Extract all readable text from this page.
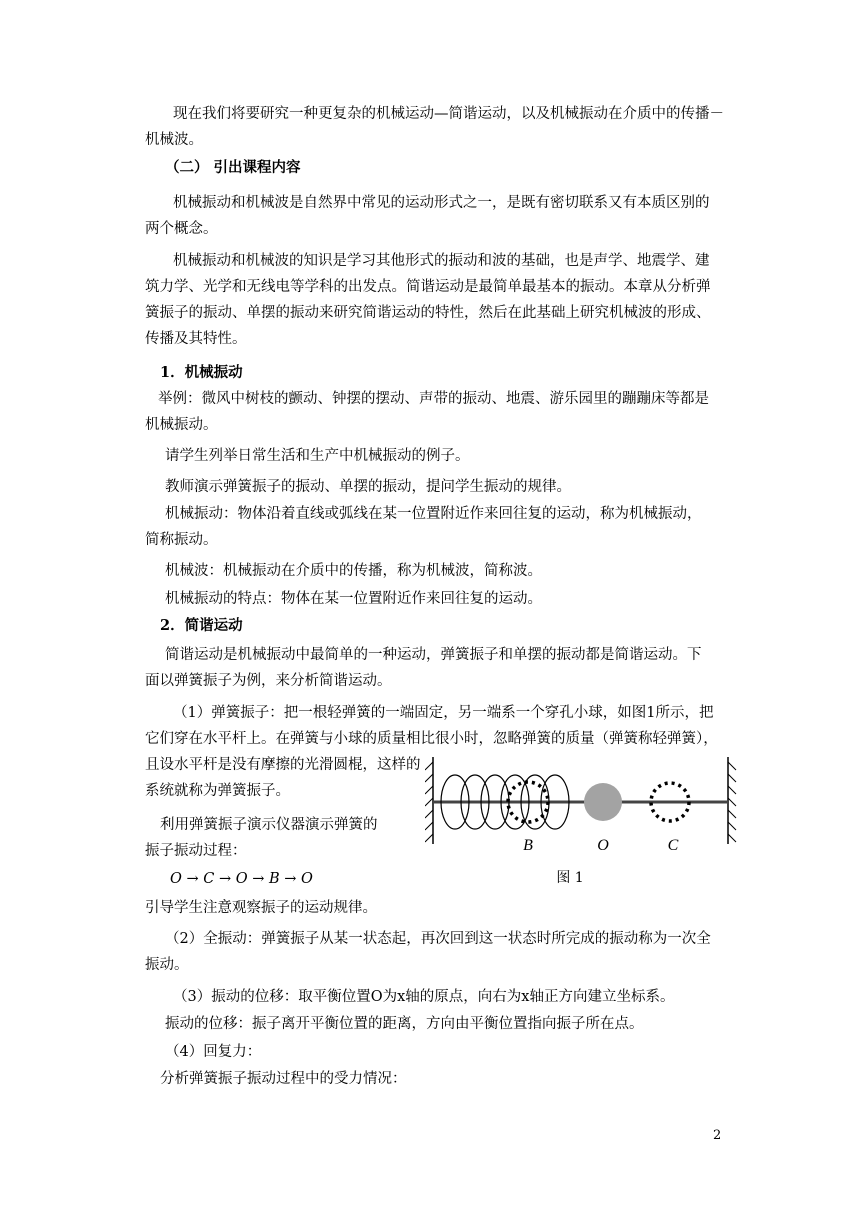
现在我们将要研究一种更复杂的机械运动—简谐运动，以及机械振动在介质中的传播－

机械波。

（二） 引出课程内容

机械振动和机械波是自然界中常见的运动形式之一，是既有密切联系又有本质区别的

两个概念。

机械振动和机械波的知识是学习其他形式的振动和波的基础，也是声学、地震学、建

筑力学、光学和无线电等学科的出发点。简谐运动是最简单最基本的振动。本章从分析弹

簧振子的振动、单摆的振动来研究简谐运动的特性，然后在此基础上研究机械波的形成、

传播及其特性。

1．机械振动

举例：微风中树枝的颤动、钟摆的摆动、声带的振动、地震、游乐园里的蹦蹦床等都是

机械振动。

请学生列举日常生活和生产中机械振动的例子。

教师演示弹簧振子的振动、单摆的振动，提问学生振动的规律。

机械振动：物体沿着直线或弧线在某一位置附近作来回往复的运动，称为机械振动，

简称振动。

机械波：机械振动在介质中的传播，称为机械波，简称波。

机械振动的特点：物体在某一位置附近作来回往复的运动。

2．简谐运动

简谐运动是机械振动中最简单的一种运动，弹簧振子和单摆的振动都是简谐运动。下

面以弹簧振子为例，来分析简谐运动。

（1）弹簧振子：把一根轻弹簧的一端固定，另一端系一个穿孔小球，如图1所示，把

它们穿在水平杆上。在弹簧与小球的质量相比很小时，忽略弹簧的质量（弹簧称轻弹簧），

且设水平杆是没有摩擦的光滑圆棍，这样的

系统就称为弹簧振子。

利用弹簧振子演示仪器演示弹簧的

振子振动过程：

O → C → O → B → O

引导学生注意观察振子的运动规律。

（2）全振动：弹簧振子从某一状态起，再次回到这一状态时所完成的振动称为一次全

振动。

（3）振动的位移：取平衡位置O为x轴的原点，向右为x轴正方向建立坐标系。

振动的位移：振子离开平衡位置的距离，方向由平衡位置指向振子所在点。

（4）回复力：

分析弹簧振子振动过程中的受力情况：

B	O	C
图 1
2
